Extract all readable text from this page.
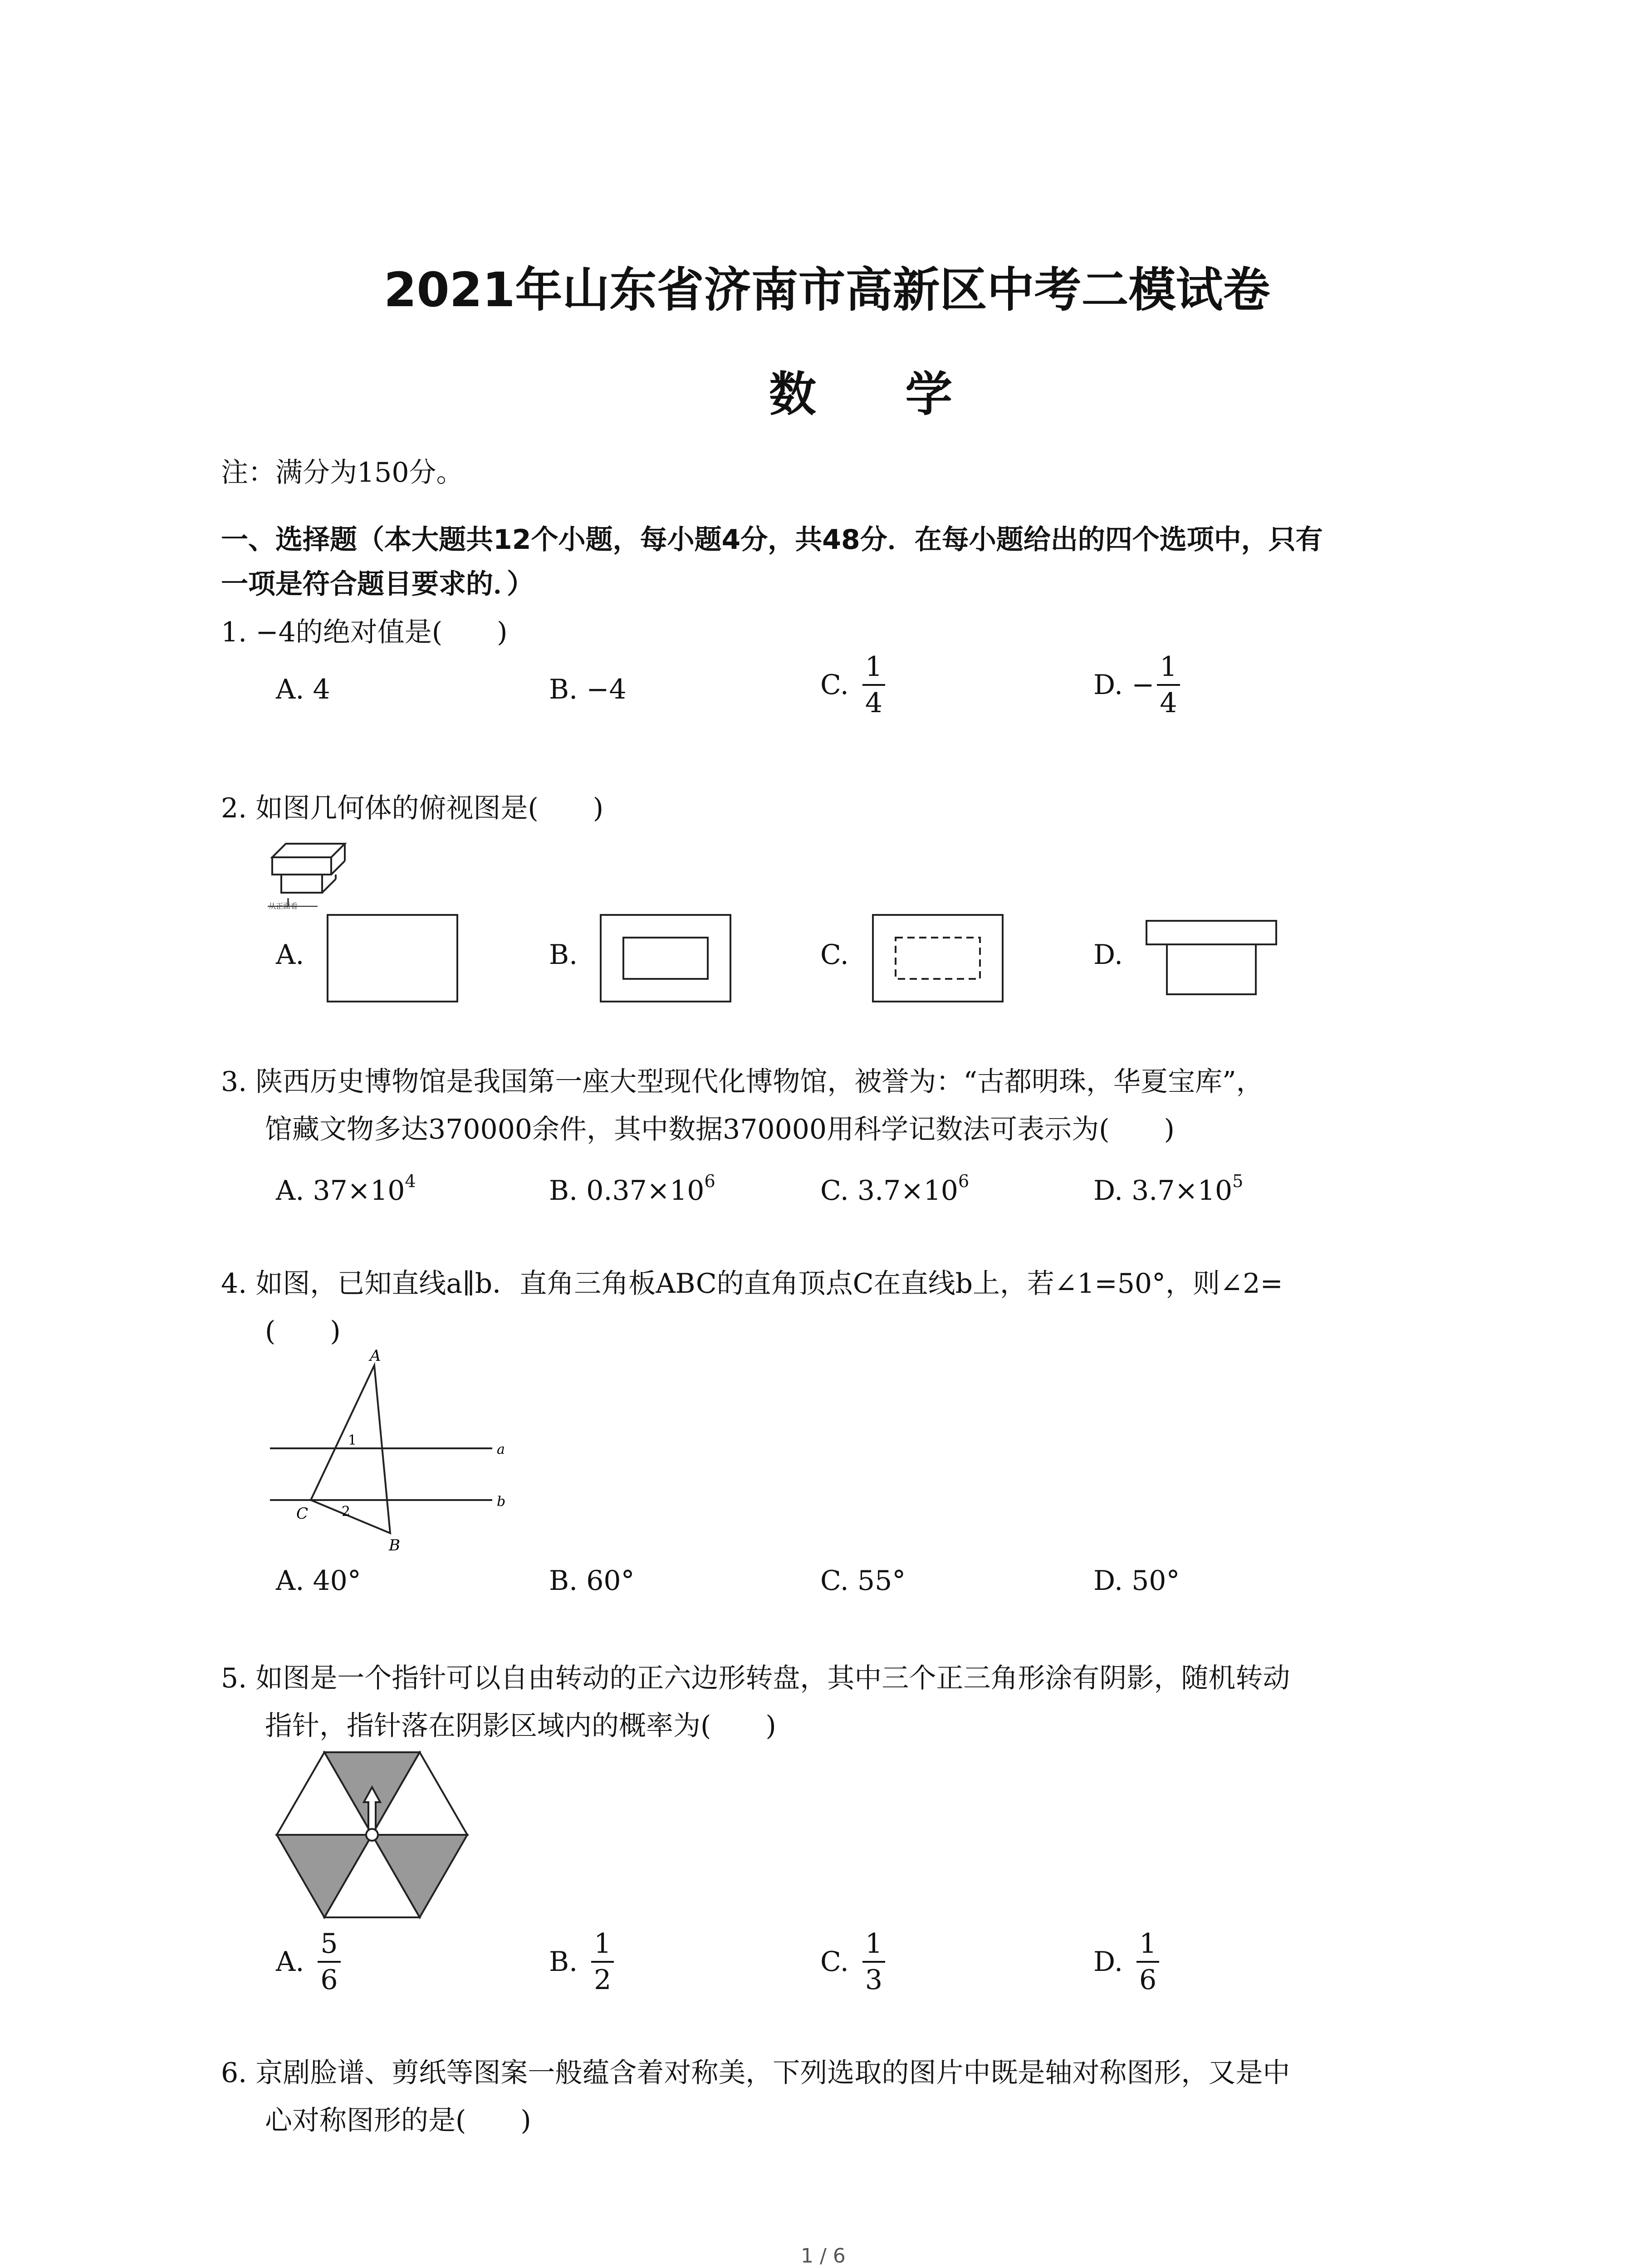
2021年山东省济南市高新区中考二模试卷
数 学
注：满分为150分。
一、选择题（本大题共12个小题，每小题4分，共48分．在每小题给出的四个选项中，只有
一项是符合题目要求的．）
1. −4的绝对值是(　　)
A. 4	B. −4	C. $\frac{1}{4}$	D. − $\frac{1}{4}$
2. 如图几何体的俯视图是(　　)
从正面看
A.	B.	C.	D.
3. 陕西历史博物馆是我国第一座大型现代化博物馆，被誉为：“古都明珠，华夏宝库”，
馆藏文物多达370000余件，其中数据370000用科学记数法可表示为(　　)
A. $37\times 10^4$	B. $0.37\times 10^6$	C. $3.7\times 10^6$	D. $3.7\times 10^5$
4. 如图，已知直线a∥b．直角三角板ABC的直角顶点C在直线b上，若∠1=50°，则∠2=
(　　)
A
B
C
a
b
1
2
A. 40°	B. 60°	C. 55°	D. 50°
5. 如图是一个指针可以自由转动的正六边形转盘，其中三个正三角形涂有阴影，随机转动
指针，指针落在阴影区域内的概率为(　　)
A. $\frac{5}{6}$	B. $\frac{1}{2}$	C. $\frac{1}{3}$	D. $\frac{1}{6}$
6. 京剧脸谱、剪纸等图案一般蕴含着对称美，下列选取的图片中既是轴对称图形，又是中
心对称图形的是(　　)
1 / 6
